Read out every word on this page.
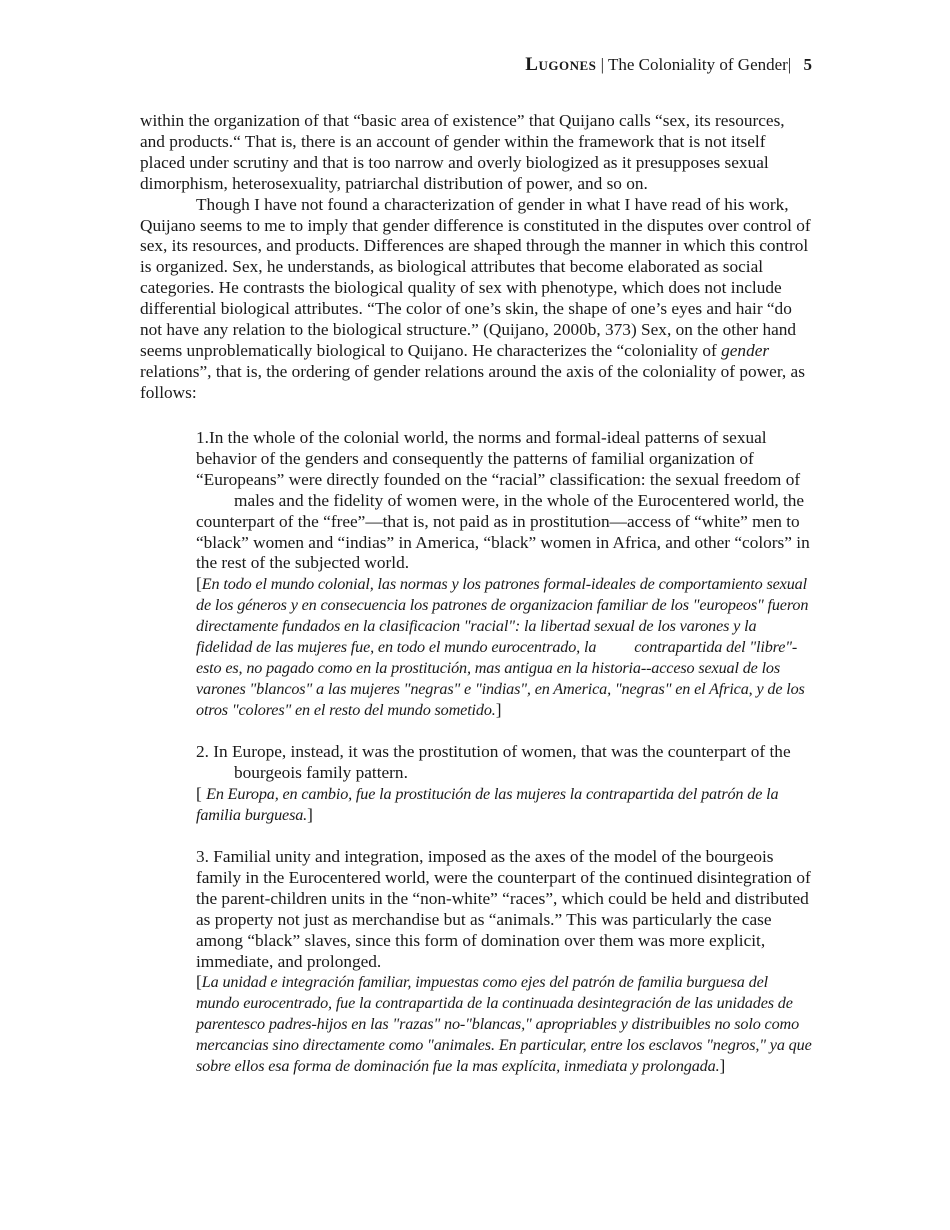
Lugones | The Coloniality of Gender| 5

within the organization of that “basic area of existence” that Quijano calls “sex, its resources, and products.“ That is, there is an account of gender within the framework that is not itself placed under scrutiny and that is too narrow and overly biologized as it presupposes sexual dimorphism, heterosexuality, patriarchal distribution of power, and so on.

Though I have not found a characterization of gender in what I have read of his work, Quijano seems to me to imply that gender difference is constituted in the disputes over control of sex, its resources, and products. Differences are shaped through the manner in which this control is organized. Sex, he understands, as biological attributes that become elaborated as social categories. He contrasts the biological quality of sex with phenotype, which does not include differential biological attributes. “The color of one’s skin, the shape of one’s eyes and hair “do not have any relation to the biological structure.” (Quijano, 2000b, 373) Sex, on the other hand seems unproblematically biological to Quijano. He characterizes the “coloniality of gender relations”, that is, the ordering of gender relations around the axis of the coloniality of power, as follows:

1.In the whole of the colonial world, the norms and formal-ideal patterns of sexual behavior of the genders and consequently the patterns of familial organization of “Europeans” were directly founded on the “racial” classification: the sexual freedom ofmales and the fidelity of women were, in the whole of the Eurocentered world, the counterpart of the “free”—that is, not paid as in prostitution—access of “white” men to “black” women and “indias” in America, “black” women in Africa, and other “colors” in the rest of the subjected world.

[En todo el mundo colonial, las normas y los patrones formal-ideales de comportamiento sexual de los géneros y en consecuencia los patrones de organizacion familiar de los "europeos" fueron directamente fundados en la clasificacion "racial": la libertad sexual de los varones y la fidelidad de las mujeres fue, en todo el mundo eurocentrado, la contrapartida del "libre"-esto es, no pagado como en la prostitución, mas antigua en la historia--acceso sexual de los varones "blancos" a las mujeres "negras" e "indias", en America, "negras" en el Africa, y de los otros "colores" en el resto del mundo sometido.]

2. In Europe, instead, it was the prostitution of women, that was the counterpart of thebourgeois family pattern.

[ En Europa, en cambio, fue la prostitución de las mujeres la contrapartida del patrón de la familia burguesa.]

3. Familial unity and integration, imposed as the axes of the model of the bourgeois family in the Eurocentered world, were the counterpart of the continued disintegration of the parent-children units in the “non-white” “races”, which could be held and distributed as property not just as merchandise but as “animals.” This was particularly the case among “black” slaves, since this form of domination over them was more explicit, immediate, and prolonged.

[La unidad e integración familiar, impuestas como ejes del patrón de familia burguesa del mundo eurocentrado, fue la contrapartida de la continuada desintegración de las unidades de parentesco padres-hijos en las "razas" no-"blancas," apropriables y distribuibles no solo como mercancias sino directamente como "animales. En particular, entre los esclavos "negros," ya que sobre ellos esa forma de dominación fue la mas explícita, inmediata y prolongada.]
